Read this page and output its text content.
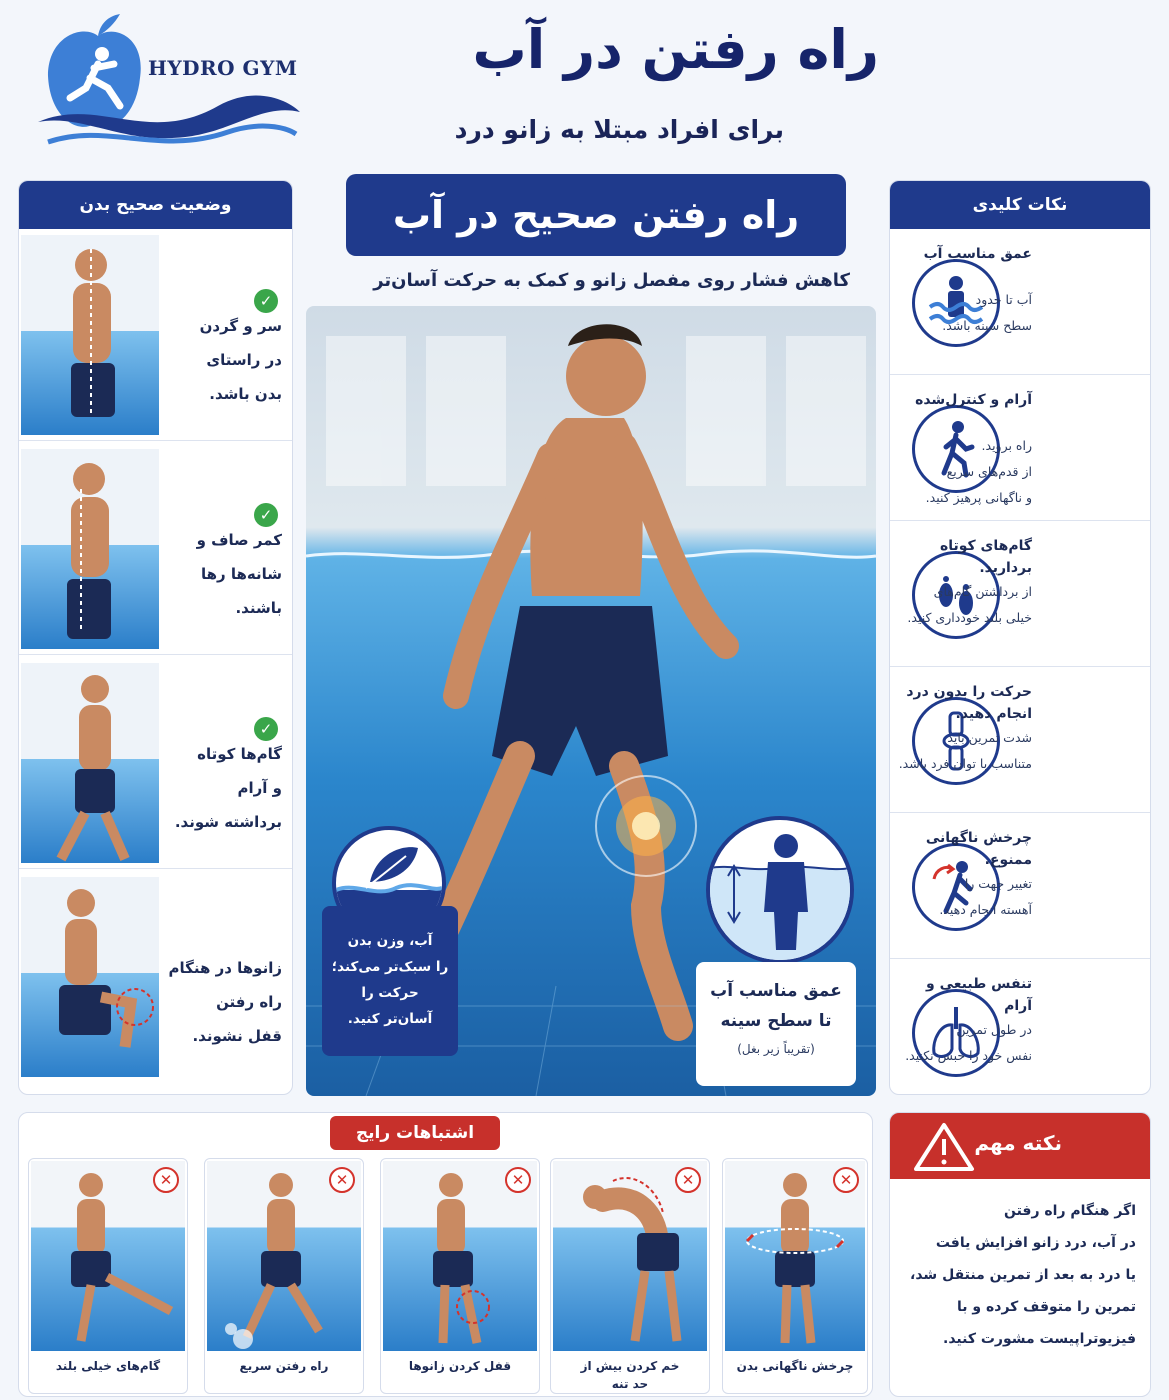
HYDRO GYM	راه رفتن در آب
برای افراد مبتلا به زانو درد
وضعیت صحیح بدن
✓
سر و گردن
در راستای
بدن باشد.
✓
کمر صاف و
شانه‌ها رها
باشند.
✓
گام‌ها کوتاه
و آرام
برداشته شوند.
زانوها در هنگام
راه رفتن
قفل نشوند.
راه رفتن صحیح در آب
کاهش فشار روی مفصل زانو و کمک به حرکت آسان‌تر
آب، وزن بدن
را سبک‌تر می‌کند؛
حرکت را
آسان‌تر کنید.
عمق مناسب آب
تا سطح سینه
(تقریباً زیر بغل)
نکات کلیدی
عمق مناسب آب
آب تا حدود
سطح سینه باشد.
آرام و کنترل‌شده
راه بروید.
از قدم‌های سریع
و ناگهانی پرهیز کنید.
گام‌های کوتاه بردارید.
از برداشتن گام‌های
خیلی بلند خودداری کنید.
حرکت را بدون درد
انجام دهید.
شدت تمرین باید
متناسب با توان فرد باشد.
چرخش ناگهانی ممنوع.
تغییر جهت را
آهسته انجام دهید.
تنفس طبیعی و آرام
در طول تمرین
نفس خود را حبس نکنید.
اشتباهات رایج
✕
گام‌های خیلی بلند
✕
راه رفتن سریع
✕
قفل کردن زانوها
✕
خم کردن بیش از
حد تنه
✕
چرخش ناگهانی بدن
نکته مهم
اگر هنگام راه رفتن
در آب، درد زانو افزایش یافت
یا درد به بعد از تمرین منتقل شد،
تمرین را متوقف کرده و با
فیزیوتراپیست مشورت کنید.
